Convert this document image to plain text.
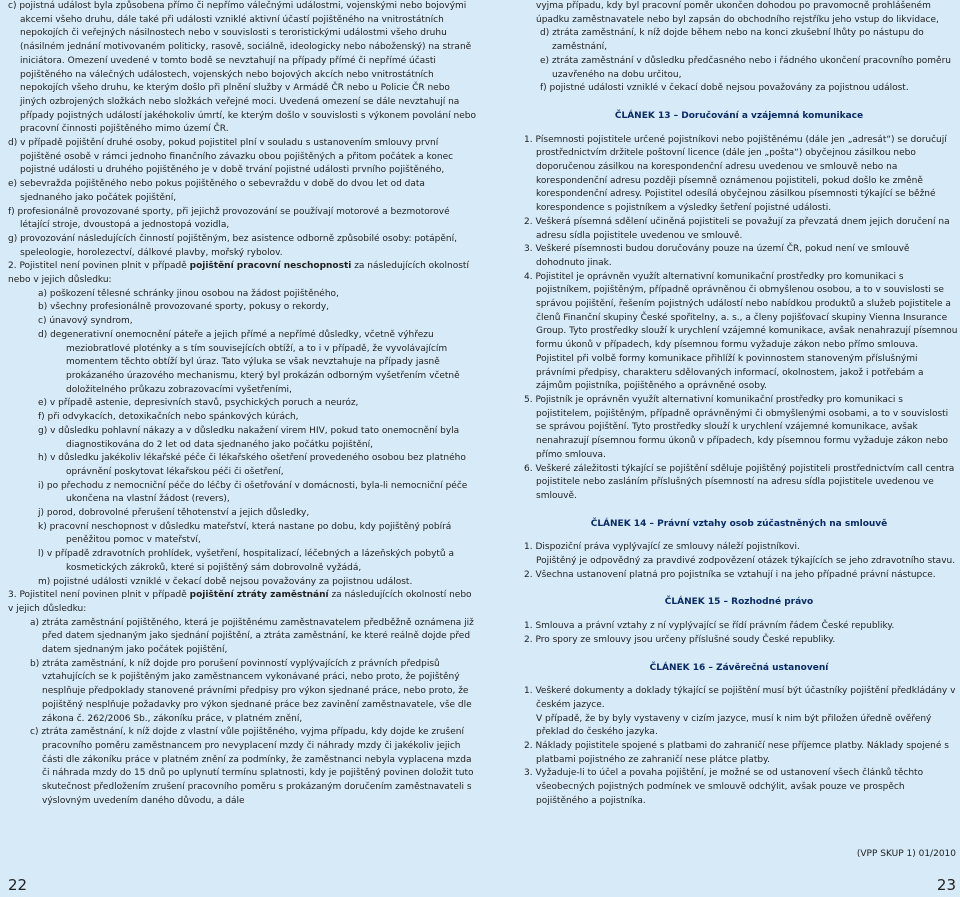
c) pojistná událost byla způsobena přímo či nepřímo válečnými událostmi, vojenskými nebo bojovými akcemi všeho druhu, dále také při události vzniklé aktivní účastí pojištěného na vnitrostátních nepokojích či veřejných násilnostech nebo v souvislosti s teroristickými událostmi všeho druhu (násilném jednání motivovaném politicky, rasově, sociálně, ideologicky nebo náboženský) na straně iniciátora. Omezení uvedené v tomto bodě se nevztahují na případy přímé či nepřímé účasti pojištěného na válečných událostech, vojenských nebo bojových akcích nebo vnitrostátních nepokojích všeho druhu, ke kterým došlo při plnění služby v Armádě ČR nebo u Policie ČR nebo jiných ozbrojených složkách nebo složkách veřejné moci. Uvedená omezení se dále nevztahují na případy pojistných událostí jakéhokoliv úmrtí, ke kterým došlo v souvislosti s výkonem povolání nebo pracovní činnosti pojištěného mimo území ČR.

d) v případě pojištění druhé osoby, pokud pojistitel plní v souladu s ustanovením smlouvy první pojištěné osobě v rámci jednoho finančního závazku obou pojištěných a přitom počátek a konec pojistné události u druhého pojištěného je v době trvání pojistné události prvního pojištěného,

e) sebevražda pojištěného nebo pokus pojištěného o sebevraždu v době do dvou let od data sjednaného jako počátek pojištění,

f) profesionálně provozované sporty, při jejichž provozování se používají motorové a bezmotorové létající stroje, dvoustopá a jednostopá vozidla,

g) provozování následujících činností pojištěným, bez asistence odborně způsobilé osoby: potápění, speleologie, horolezectví, dálkové plavby, mořský rybolov.

2. Pojistitel není povinen plnit v případě pojištění pracovní neschopnosti za následujících okolností nebo v jejich důsledku:

a) poškození tělesné schránky jinou osobou na žádost pojištěného,

b) všechny profesionálně provozované sporty, pokusy o rekordy,

c) únavový syndrom,

d) degenerativní onemocnění páteře a jejich přímé a nepřímé důsledky, včetně výhřezu meziobratlové ploténky a s tím souvisejících obtíží, a to i v případě, že vyvolávajícím momentem těchto obtíží byl úraz. Tato výluka se však nevztahuje na případy jasně prokázaného úrazového mechanismu, který byl prokázán odborným vyšetřením včetně doložitelného průkazu zobrazovacími vyšetřeními,

e) v případě astenie, depresivních stavů, psychických poruch a neuróz,

f) při odvykacích, detoxikačních nebo spánkových kúrách,

g) v důsledku pohlavní nákazy a v důsledku nakažení virem HIV, pokud tato onemocnění byla diagnostikována do 2 let od data sjednaného jako počátku pojištění,

h) v důsledku jakékoliv lékařské péče či lékařského ošetření provedeného osobou bez platného oprávnění poskytovat lékařskou péči či ošetření,

i) po přechodu z nemocniční péče do léčby či ošetřování v domácnosti, byla-li nemocniční péče ukončena na vlastní žádost (revers),

j) porod, dobrovolné přerušení těhotenství a jejich důsledky,

k) pracovní neschopnost v důsledku mateřství, která nastane po dobu, kdy pojištěný pobírá peněžitou pomoc v mateřství,

l) v případě zdravotních prohlídek, vyšetření, hospitalizací, léčebných a lázeňských pobytů a kosmetických zákroků, které si pojištěný sám dobrovolně vyžádá,

m) pojistné události vzniklé v čekací době nejsou považovány za pojistnou událost.

3. Pojistitel není povinen plnit v případě pojištění ztráty zaměstnání za následujících okolností nebo v jejich důsledku:

a) ztráta zaměstnání pojištěného, která je pojištěnému zaměstnavatelem předběžně oznámena již před datem sjednaným jako sjednání pojištění, a ztráta zaměstnání, ke které reálně dojde před datem sjednaným jako počátek pojištění,

b) ztráta zaměstnání, k níž dojde pro porušení povinností vyplývajících z právních předpisů vztahujících se k pojištěným jako zaměstnancem vykonávané práci, nebo proto, že pojištěný nesplňuje předpoklady stanovené právními předpisy pro výkon sjednané práce, nebo proto, že pojištěný nesplňuje požadavky pro výkon sjednané práce bez zavinění zaměstnavatele, vše dle zákona č. 262/2006 Sb., zákoníku práce, v platném znění,

c) ztráta zaměstnání, k níž dojde z vlastní vůle pojištěného, vyjma případu, kdy dojde ke zrušení pracovního poměru zaměstnancem pro nevyplacení mzdy či náhrady mzdy či jakékoliv jejich části dle zákoníku práce v platném znění za podmínky, že zaměstnanci nebyla vyplacena mzda či náhrada mzdy do 15 dnů po uplynutí termínu splatnosti, kdy je pojištěný povinen doložit tuto skutečnost předložením zrušení pracovního poměru s prokázaným doručením zaměstnavateli s výslovným uvedením daného důvodu, a dále

vyjma případu, kdy byl pracovní poměr ukončen dohodou po pravomocně prohlášeném úpadku zaměstnavatele nebo byl zapsán do obchodního rejstříku jeho vstup do likvidace,

d) ztráta zaměstnání, k níž dojde během nebo na konci zkušební lhůty po nástupu do zaměstnání,

e) ztráta zaměstnání v důsledku předčasného nebo i řádného ukončení pracovního poměru uzavřeného na dobu určitou,

f) pojistné události vzniklé v čekací době nejsou považovány za pojistnou událost.

ČLÁNEK 13 – Doručování a vzájemná komunikace

1. Písemnosti pojistitele určené pojistníkovi nebo pojištěnému (dále jen „adresát“) se doručují prostřednictvím držitele poštovní licence (dále jen „pošta“) obyčejnou zásilkou nebo doporučenou zásilkou na korespondenční adresu uvedenou ve smlouvě nebo na korespondenční adresu později písemně oznámenou pojistiteli, pokud došlo ke změně korespondenční adresy. Pojistitel odesílá obyčejnou zásilkou písemnosti týkající se běžné korespondence s pojistníkem a výsledky šetření pojistné události.

2. Veškerá písemná sdělení učiněná pojistiteli se považují za převzatá dnem jejich doručení na adresu sídla pojistitele uvedenou ve smlouvě.

3. Veškeré písemnosti budou doručovány pouze na území ČR, pokud není ve smlouvě dohodnuto jinak.

4. Pojistitel je oprávněn využít alternativní komunikační prostředky pro komunikaci s pojistníkem, pojištěným, případně oprávněnou či obmyšlenou osobou, a to v souvislosti se správou pojištění, řešením pojistných událostí nebo nabídkou produktů a služeb pojistitele a členů Finanční skupiny České spořitelny, a. s., a členy pojišťovací skupiny Vienna Insurance Group. Tyto prostředky slouží k urychlení vzájemné komunikace, avšak nenahrazují písemnou formu úkonů v případech, kdy písemnou formu vyžaduje zákon nebo přímo smlouva. Pojistitel při volbě formy komunikace přihlíží k povinnostem stanoveným příslušnými právními předpisy, charakteru sdělovaných informací, okolnostem, jakož i potřebám a zájmům pojistníka, pojištěného a oprávněné osoby.

5. Pojistník je oprávněn využít alternativní komunikační prostředky pro komunikaci s pojistitelem, pojištěným, případně oprávněnými či obmyšlenými osobami, a to v souvislosti se správou pojištění. Tyto prostředky slouží k urychlení vzájemné komunikace, avšak nenahrazují písemnou formu úkonů v případech, kdy písemnou formu vyžaduje zákon nebo přímo smlouva.

6. Veškeré záležitosti týkající se pojištění sděluje pojištěný pojistiteli prostřednictvím call centra pojistitele nebo zasláním příslušných písemností na adresu sídla pojistitele uvedenou ve smlouvě.

ČLÁNEK 14 – Právní vztahy osob zúčastněných na smlouvě

1. Dispoziční práva vyplývající ze smlouvy náleží pojistníkovi.

Pojištěný je odpovědný za pravdivé zodpovězení otázek týkajících se jeho zdravotního stavu.

2. Všechna ustanovení platná pro pojistníka se vztahují i na jeho případné právní nástupce.

ČLÁNEK 15 – Rozhodné právo

1. Smlouva a právní vztahy z ní vyplývající se řídí právním řádem České republiky.

2. Pro spory ze smlouvy jsou určeny příslušné soudy České republiky.

ČLÁNEK 16 – Závěrečná ustanovení

1. Veškeré dokumenty a doklady týkající se pojištění musí být účastníky pojištění předkládány v českém jazyce.

V případě, že by byly vystaveny v cizím jazyce, musí k nim být přiložen úředně ověřený překlad do českého jazyka.

2. Náklady pojistitele spojené s platbami do zahraničí nese příjemce platby. Náklady spojené s platbami pojistného ze zahraničí nese plátce platby.

3. Vyžaduje-li to účel a povaha pojištění, je možné se od ustanovení všech článků těchto všeobecných pojistných podmínek ve smlouvě odchýlit, avšak pouze ve prospěch pojištěného a pojistníka.

(VPP SKUP 1) 01/2010
22	23
